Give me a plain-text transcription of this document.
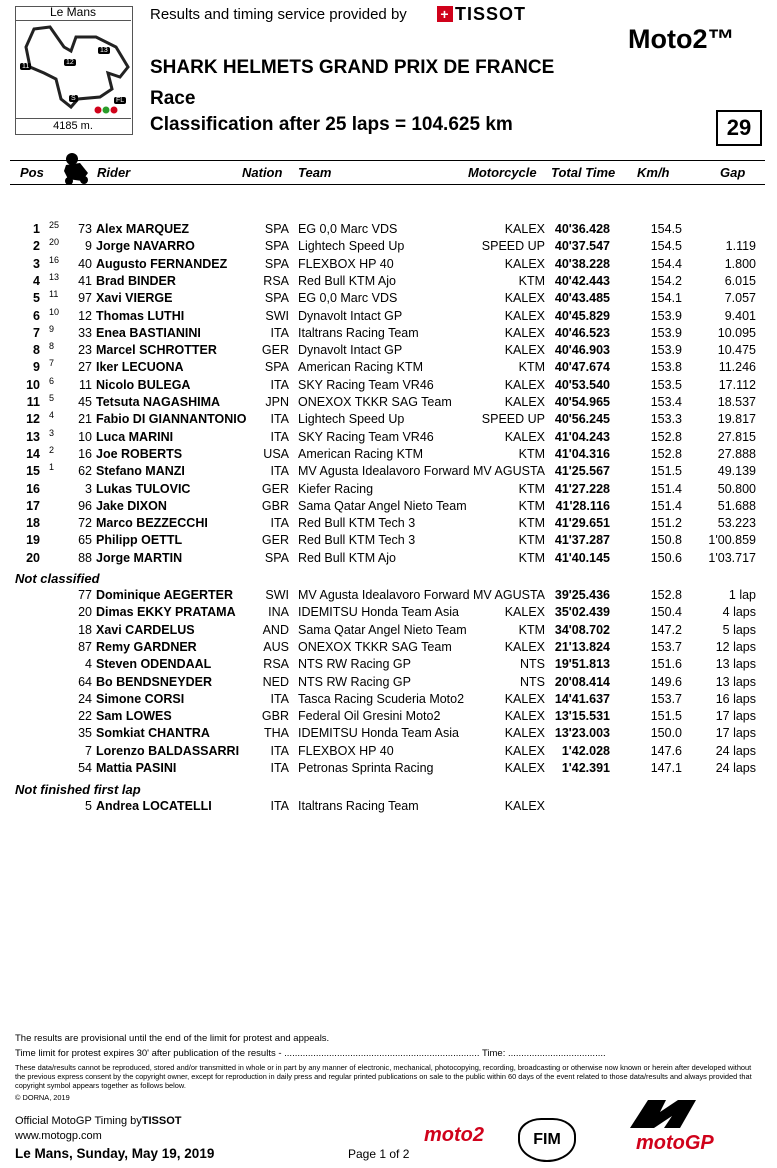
11
12
13
S	FL
Le Mans
4185 m.
Results and timing service provided by + TISSOT
Moto2™
SHARK HELMETS GRAND PRIX DE FRANCE
Race
Classification after 25 laps = 104.625 km	29
Pos	Rider	Nation Team	Motorcycle Total Time Km/h	Gap
1 25 73 Alex MARQUEZ	SPA EG 0,0 Marc VDS	KALEX 40'36.428	154.5
2 20 9 Jorge NAVARRO	SPA Lightech Speed Up	SPEED UP 40'37.547	154.5	1.119
3 16 40 Augusto FERNANDEZ	SPA FLEXBOX HP 40	KALEX 40'38.228	154.4	1.800
4 13 41 Brad BINDER	RSA Red Bull KTM Ajo	KTM 40'42.443	154.2	6.015
5 11 97 Xavi VIERGE	SPA EG 0,0 Marc VDS	KALEX 40'43.485	154.1	7.057
6 10 12 Thomas LUTHI	SWI Dynavolt Intact GP	KALEX 40'45.829	153.9	9.401
7 9 33 Enea BASTIANINI	ITA Italtrans Racing Team	KALEX 40'46.523	153.9	10.095
8 8 23 Marcel SCHROTTER	GER Dynavolt Intact GP	KALEX 40'46.903	153.9	10.475
9 7 27 Iker LECUONA	SPA American Racing KTM	KTM 40'47.674	153.8	11.246
10 6 11 Nicolo BULEGA	ITA SKY Racing Team VR46	KALEX 40'53.540	153.5	17.112
11 5 45 Tetsuta NAGASHIMA	JPN ONEXOX TKKR SAG Team	KALEX 40'54.965	153.4	18.537
12 4 21 Fabio DI GIANNANTONIO ITA Lightech Speed Up	SPEED UP 40'56.245	153.3	19.817
13 3 10 Luca MARINI	ITA SKY Racing Team VR46	KALEX 41'04.243	152.8	27.815
14 2 16 Joe ROBERTS	USA American Racing KTM	KTM 41'04.316	152.8	27.888
15 1 62 Stefano MANZI	ITA MV Agusta Idealavoro Forward MV AGUSTA 41'25.567	151.5	49.139
16	3 Lukas TULOVIC	GER Kiefer Racing	KTM 41'27.228	151.4	50.800
17	96 Jake DIXON	GBR Sama Qatar Angel Nieto Team	KTM 41'28.116	151.4	51.688
18	72 Marco BEZZECCHI	ITA Red Bull KTM Tech 3	KTM 41'29.651	151.2	53.223
19	65 Philipp OETTL	GER Red Bull KTM Tech 3	KTM 41'37.287	150.8 1'00.859
20	88 Jorge MARTIN	SPA Red Bull KTM Ajo	KTM 41'40.145	150.6 1'03.717
Not classified
77 Dominique AEGERTER	SWI MV Agusta Idealavoro Forward MV AGUSTA 39'25.436	152.8	1 lap
20 Dimas EKKY PRATAMA	INA IDEMITSU Honda Team Asia	KALEX 35'02.439	150.4	4 laps
18 Xavi CARDELUS	AND Sama Qatar Angel Nieto Team	KTM 34'08.702	147.2	5 laps
87 Remy GARDNER	AUS ONEXOX TKKR SAG Team	KALEX 21'13.824	153.7	12 laps
4 Steven ODENDAAL	RSA NTS RW Racing GP	NTS 19'51.813	151.6	13 laps
64 Bo BENDSNEYDER	NED NTS RW Racing GP	NTS 20'08.414	149.6	13 laps
24 Simone CORSI	ITA Tasca Racing Scuderia Moto2	KALEX 14'41.637	153.7	16 laps
22 Sam LOWES	GBR Federal Oil Gresini Moto2	KALEX 13'15.531	151.5	17 laps
35 Somkiat CHANTRA	THA IDEMITSU Honda Team Asia	KALEX 13'23.003	150.0	17 laps
7 Lorenzo BALDASSARRI	ITA FLEXBOX HP 40	KALEX 1'42.028	147.6	24 laps
54 Mattia PASINI	ITA Petronas Sprinta Racing	KALEX 1'42.391	147.1	24 laps
Not finished first lap
5 Andrea LOCATELLI	ITA Italtrans Racing Team	KALEX
The results are provisional until the end of the limit for protest and appeals.
Time limit for protest expires 30' after publication of the results - .......................................................................... Time: .....................................
These data/results cannot be reproduced, stored and/or transmitted in whole or in part by any manner of electronic, mechanical, photocopying, recording, broadcasting or otherwise now known or herein after developed without the previous express consent by the copyright owner, except for reproduction in daily press and regular printed publications on sale to the public within 60 days of the event related to those data/results and always provided that copyright symbol appears together as follows below.
© DORNA, 2019
Official MotoGP Timing byTISSOT
www.motogp.com
Le Mans, Sunday, May 19, 2019	Page 1 of 2
moto2	FIM	motoGP
